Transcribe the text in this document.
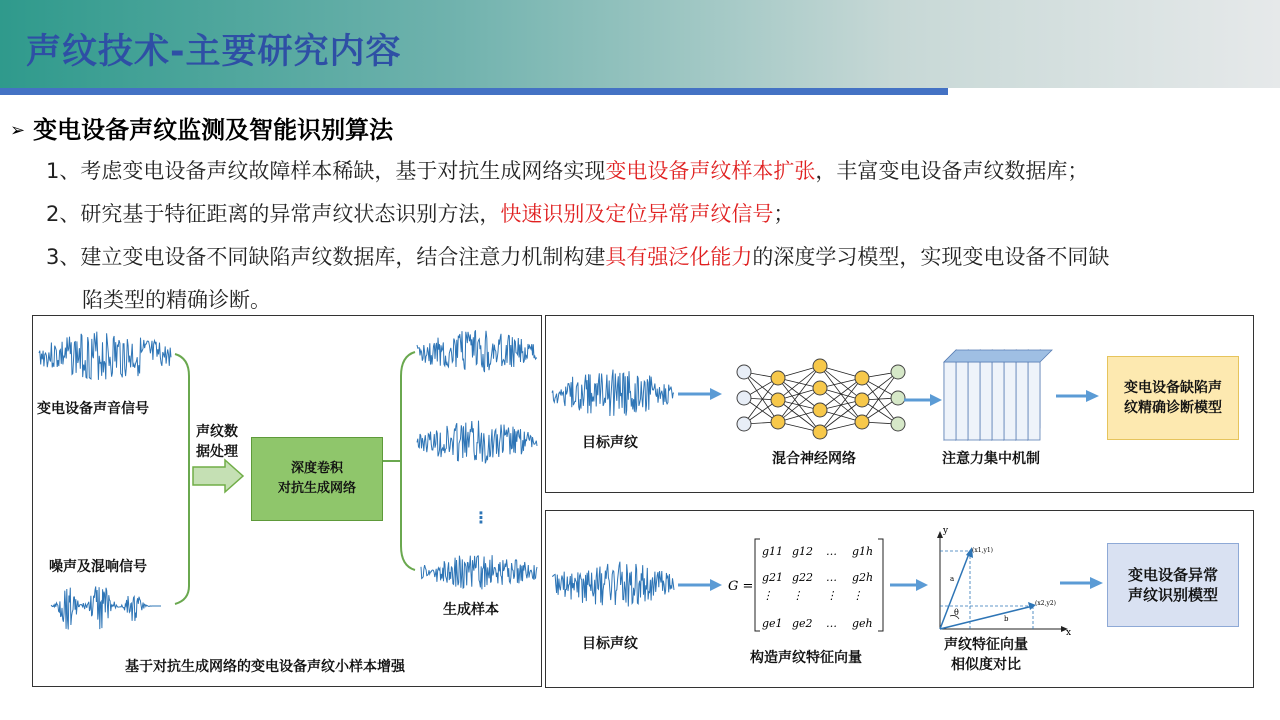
声纹技术-主要研究内容
➢ 变电设备声纹监测及智能识别算法
1、考虑变电设备声纹故障样本稀缺，基于对抗生成网络实现变电设备声纹样本扩张，丰富变电设备声纹数据库；
2、研究基于特征距离的异常声纹状态识别方法，快速识别及定位异常声纹信号；
3、建立变电设备不同缺陷声纹数据库，结合注意力机制构建具有强泛化能力的深度学习模型，实现变电设备不同缺
陷类型的精确诊断。
变电设备声音信号
噪声及混响信号
声纹数
据处理
深度卷积
对抗生成网络
⋮
生成样本
基于对抗生成网络的变电设备声纹小样本增强
目标声纹
混合神经网络	注意力集中机制
变电设备缺陷声
纹精确诊断模型
G =
g11 g12 … g1h
g21 g22 … g2h
⋮ ⋮ ⋮ ⋮
ge1 ge2 … geh
y
x
a
b
θ
(x1,y1)
(x2,y2)
目标声纹
构造声纹特征向量
声纹特征向量
相似度对比
变电设备异常
声纹识别模型
